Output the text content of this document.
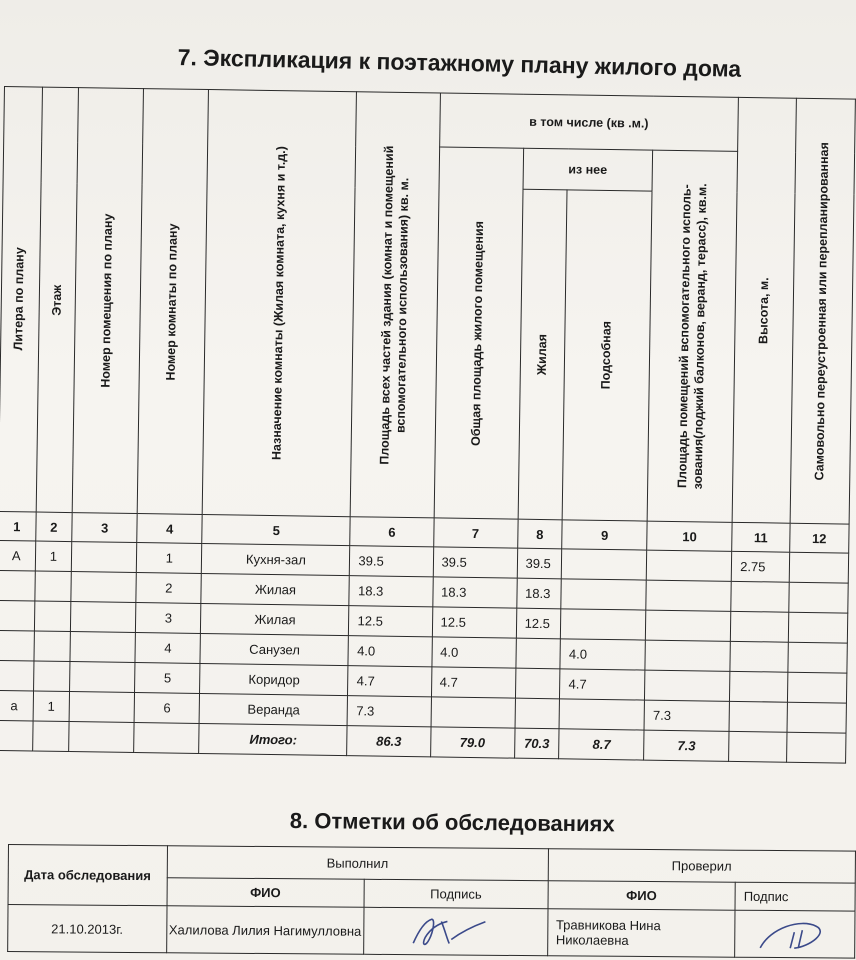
7. Экспликация к поэтажному плану жилого дома
Литера по плану	Этаж	Номер помещения по плану	Номер комнаты по плану	Назначение комнаты (Жилая комната, кухня и т.д.)	Площадь всех частей здания (комнат и помещений вспомогательного использования) кв. м.	в том числе (кв .м.)				Высота, м.	Самовольно переустроенная или перепланированная

						Общая площадь жилого помещения	из нее		Площадь помещений вспомогательного исполь-зования(лоджий балконов, веранд, терасс), кв.м.		

							Жилая	Подсобная			

1	2	3	4	5	6	7	8	9	10	11	12
А	1		1	Кухня-зал	39.5	39.5	39.5			2.75	
			2	Жилая	18.3	18.3	18.3				
			3	Жилая	12.5	12.5	12.5				
			4	Санузел	4.0	4.0		4.0			
			5	Коридор	4.7	4.7		4.7			
а	1		6	Веранда	7.3				7.3		
				Итого:	86.3	79.0	70.3	8.7	7.3		
8. Отметки об обследованиях
Дата обследования	Выполнил		Проверил	
	ФИО	Подпись	ФИО	Подпис
21.10.2013г.	Халилова Лилия Нагимулловна		Травникова Нина Николаевна	
